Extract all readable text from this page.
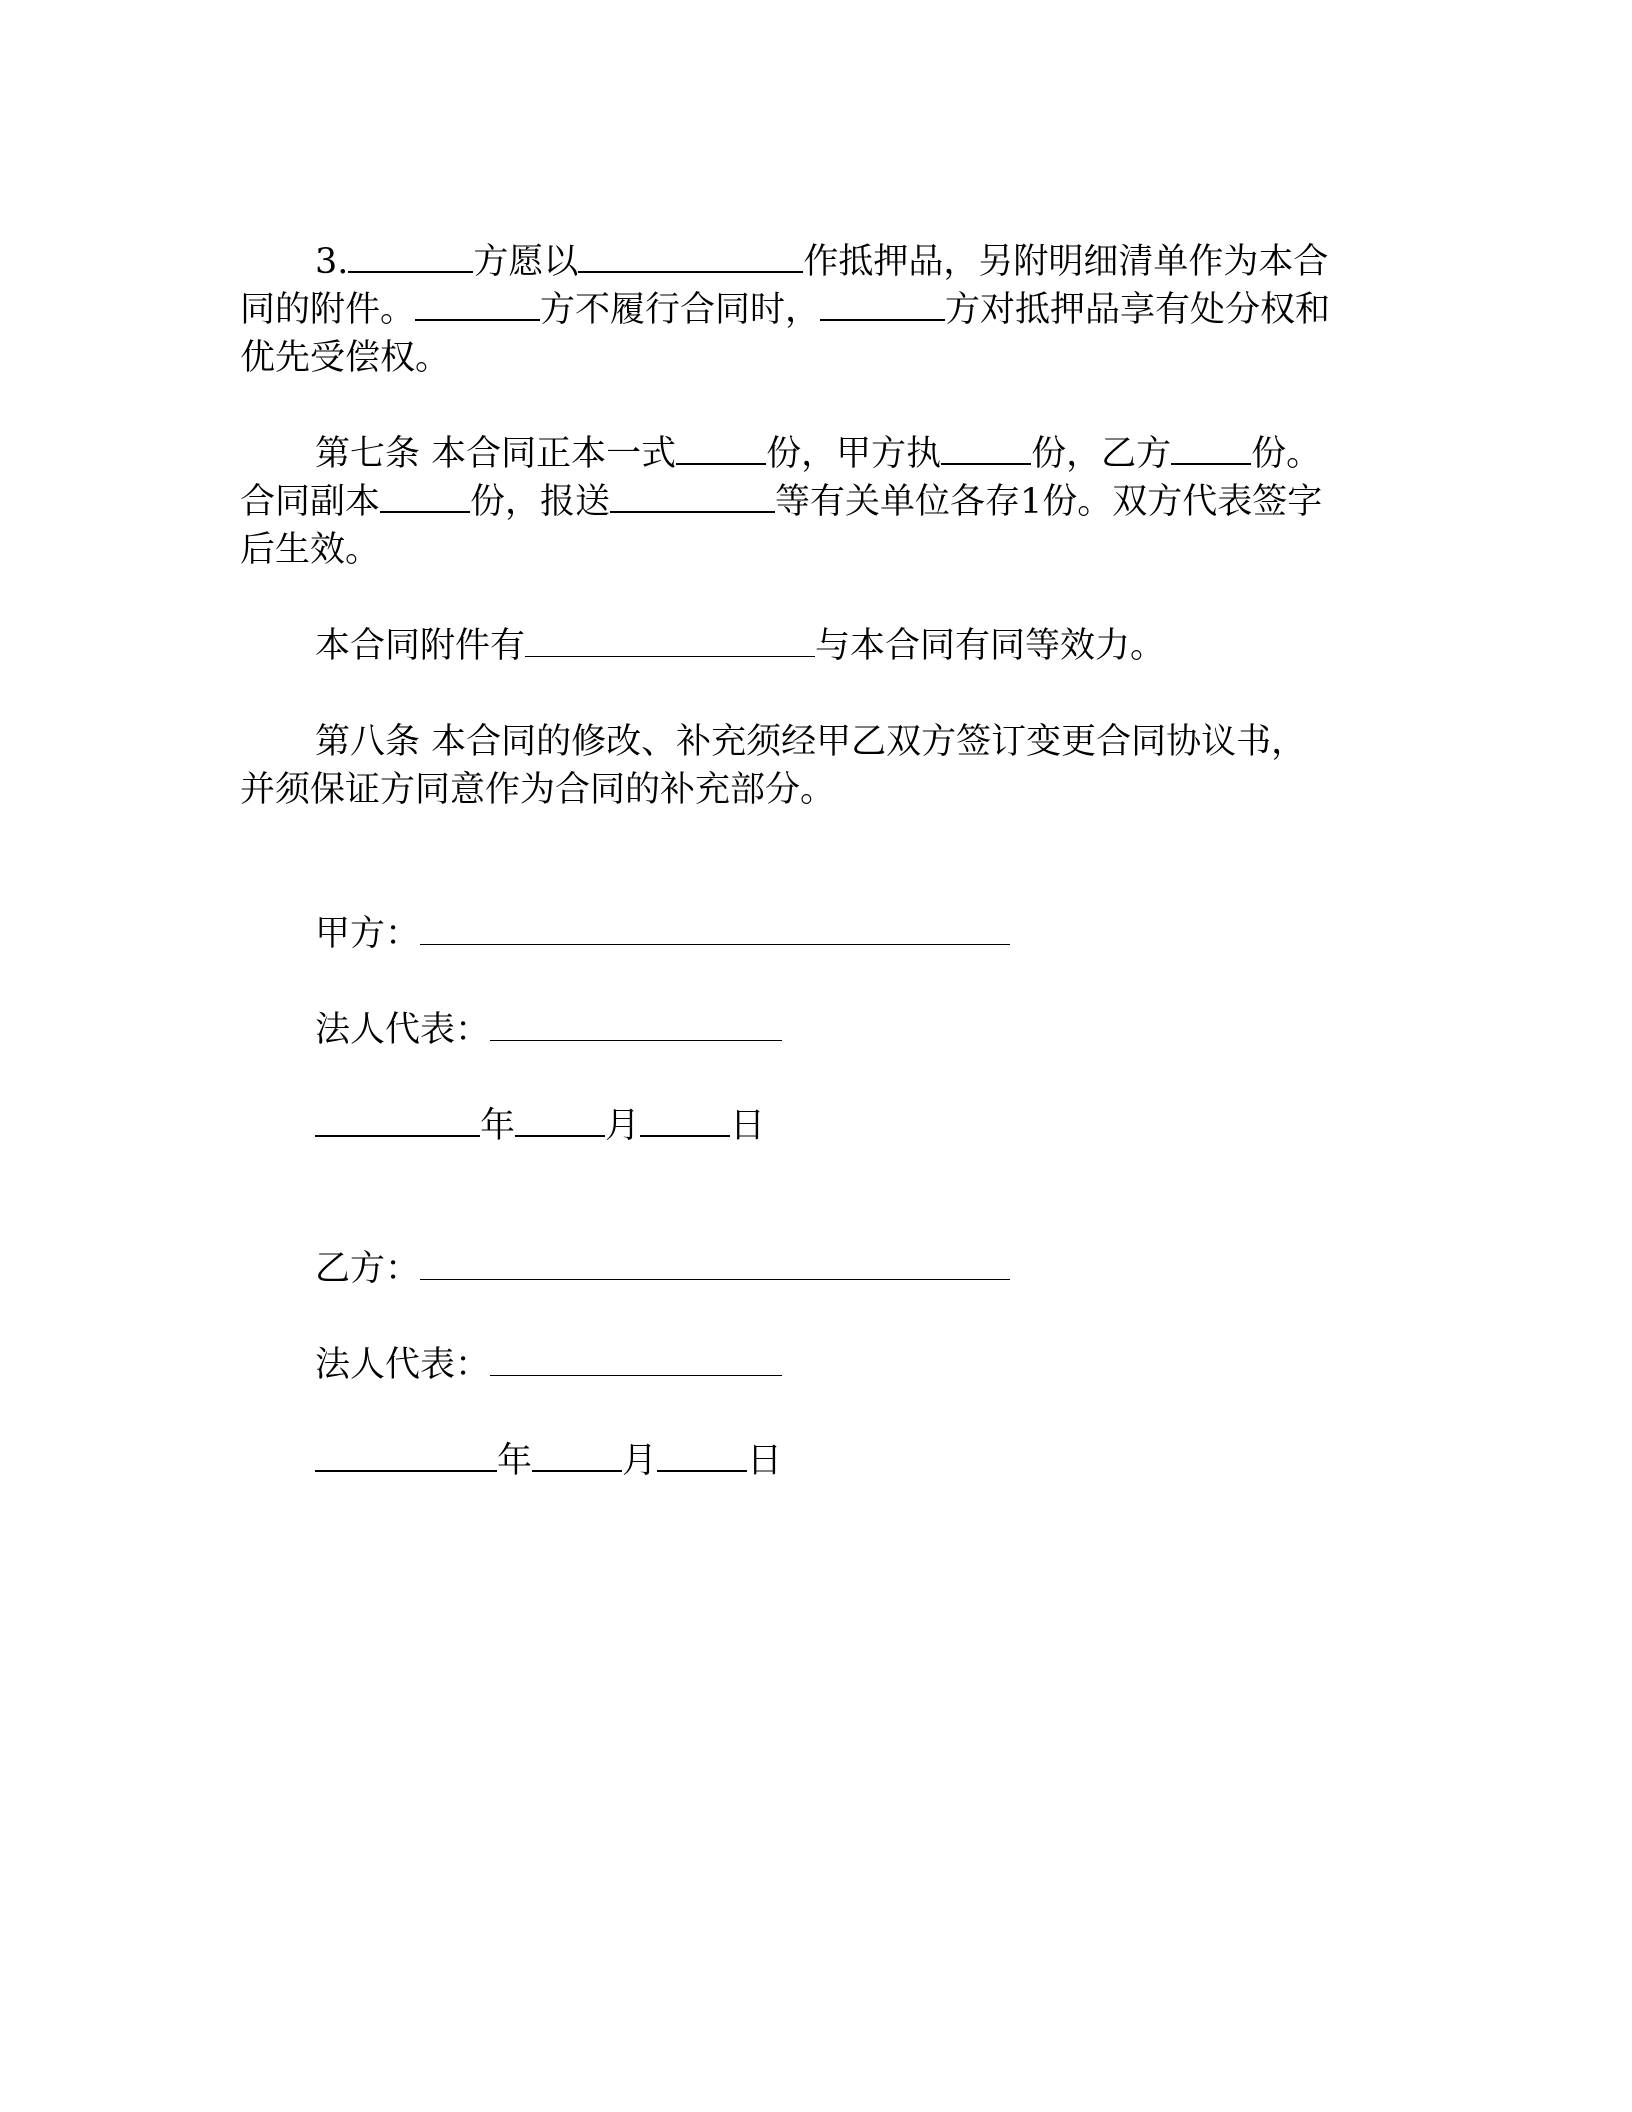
3.	方愿以	作抵押品，另附明细清单作为本合
同的附件。	方不履行合同时，	方对抵押品享有处分权和
优先受偿权。
第七条 本合同正本一式	份，甲方执	份，乙方 份。
合同副本	份，报送	等有关单位各存1份。双方代表签字
后生效。
本合同附件有	与本合同有同等效力。
第八条 本合同的修改、补充须经甲乙双方签订变更合同协议书，
并须保证方同意作为合同的补充部分。
甲方：
法人代表：
年	月	日
乙方：
法人代表：
年	月	日
